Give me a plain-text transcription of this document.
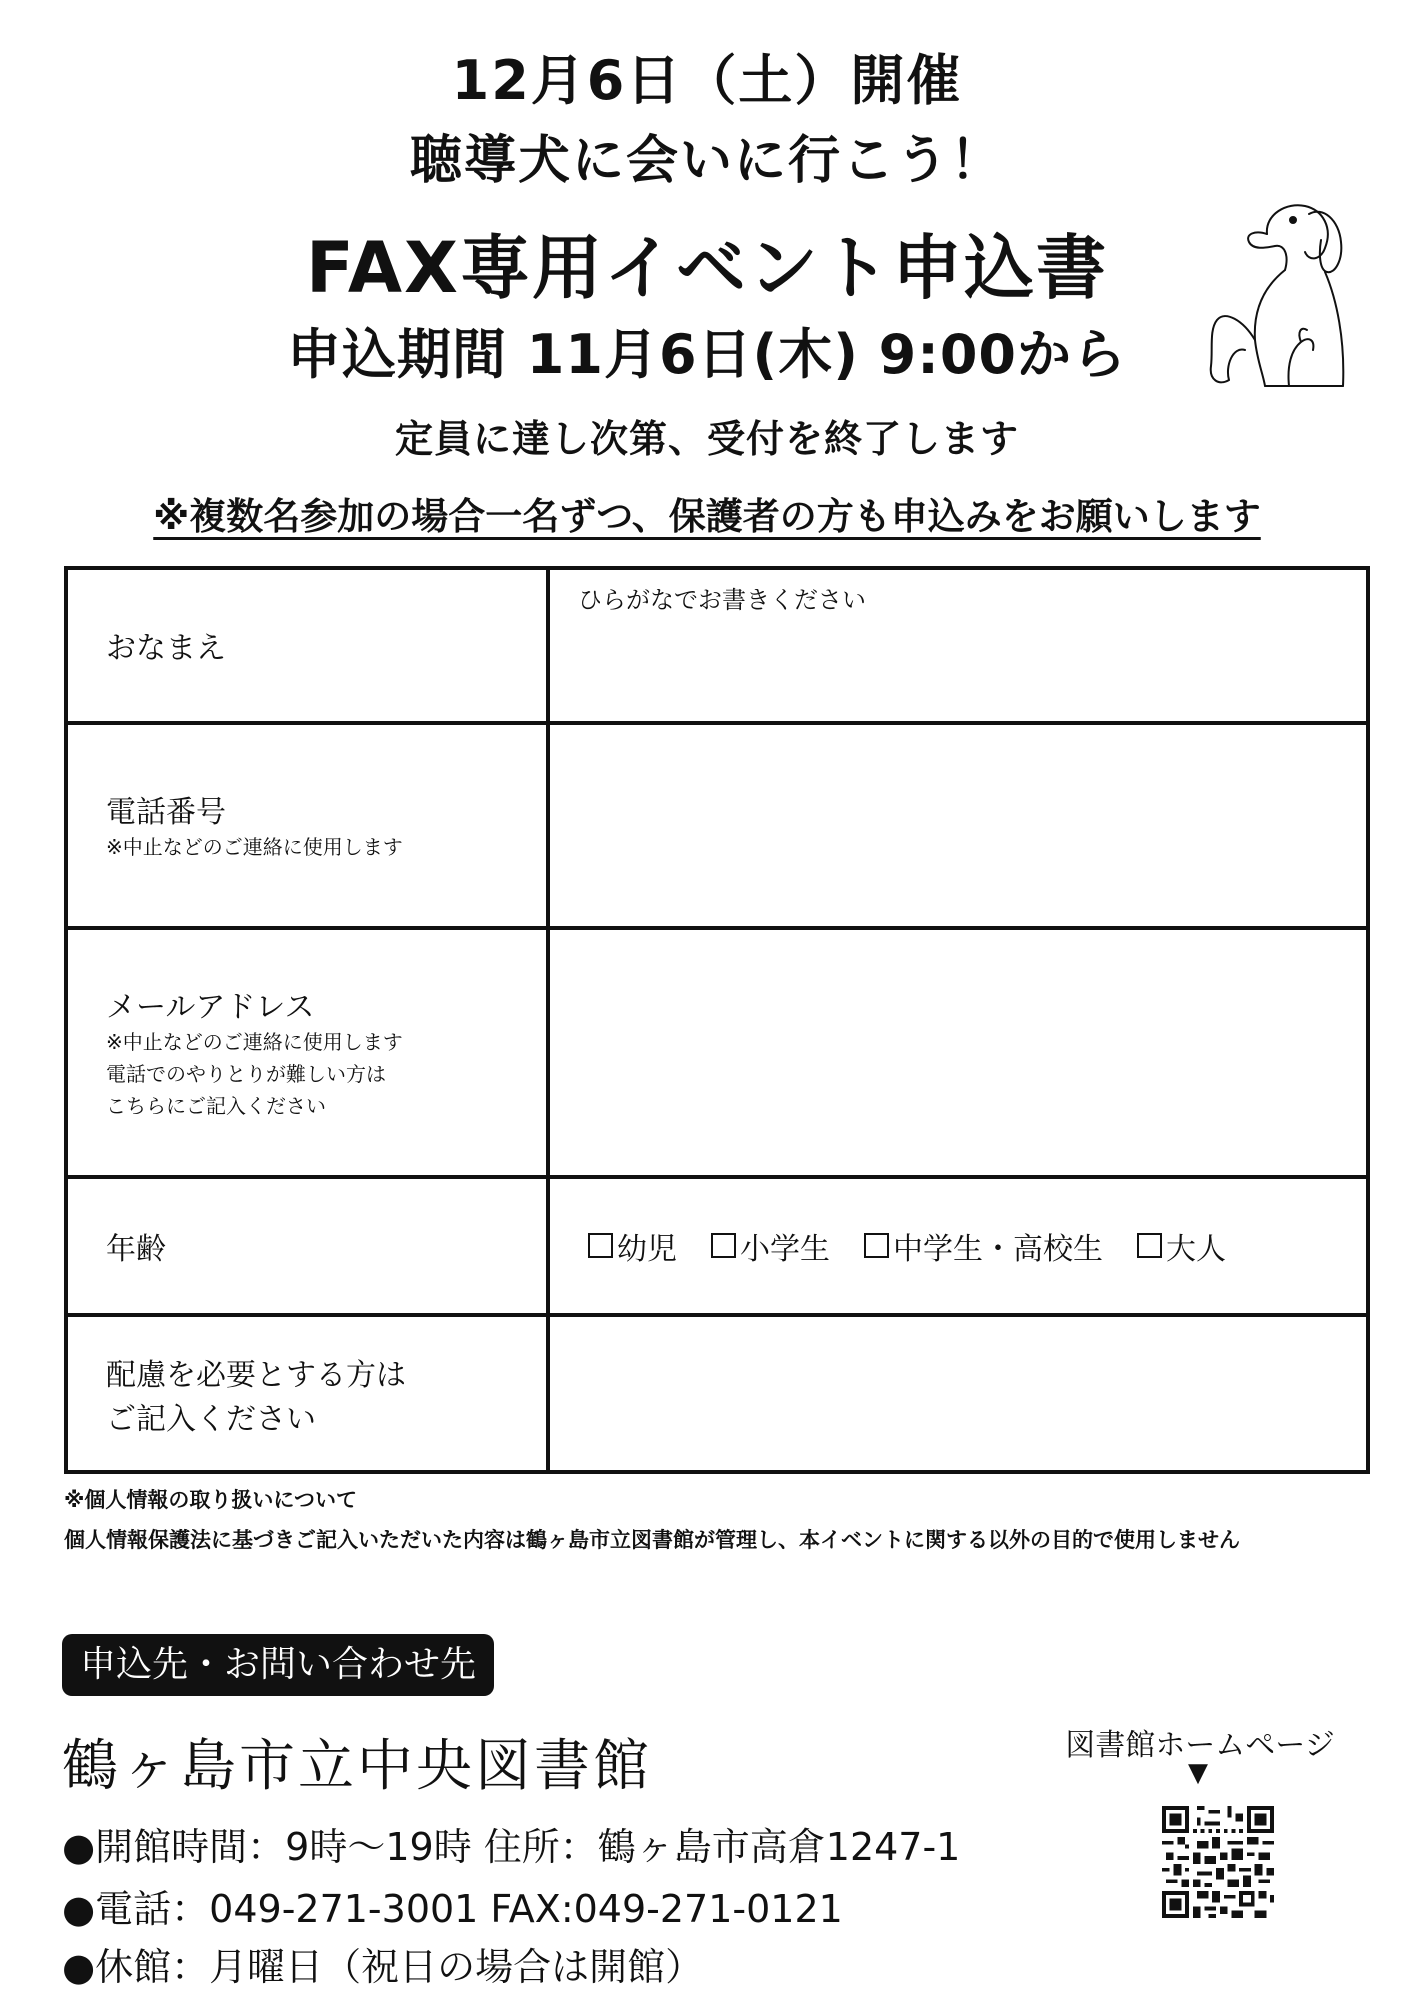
12月6日（土）開催
聴導犬に会いに行こう！
FAX専用イベント申込書
申込期間 11月6日(木) 9:00から
定員に達し次第、受付を終了します
※複数名参加の場合一名ずつ、保護者の方も申込みをお願いします
おなまえ	ひらがなでお書きください

電話番号
※中止などのご連絡に使用します	

メールアドレス
※中止などのご連絡に使用します
電話でのやりとりが難しい方は
こちらにご記入ください	

年齢	幼児 小学生 中学生・高校生 大人

配慮を必要とする方は
ご記入ください	

※個人情報の取り扱いについて
個人情報保護法に基づきご記入いただいた内容は鶴ヶ島市立図書館が管理し、本イベントに関する以外の目的で使用しません
申込先・お問い合わせ先
鶴ヶ島市立中央図書館
●開館時間：9時〜19時 住所：鶴ヶ島市高倉1247-1
●電話：049-271-3001 FAX:049-271-0121
●休館：月曜日（祝日の場合は開館）
図書館ホームページ
▼
